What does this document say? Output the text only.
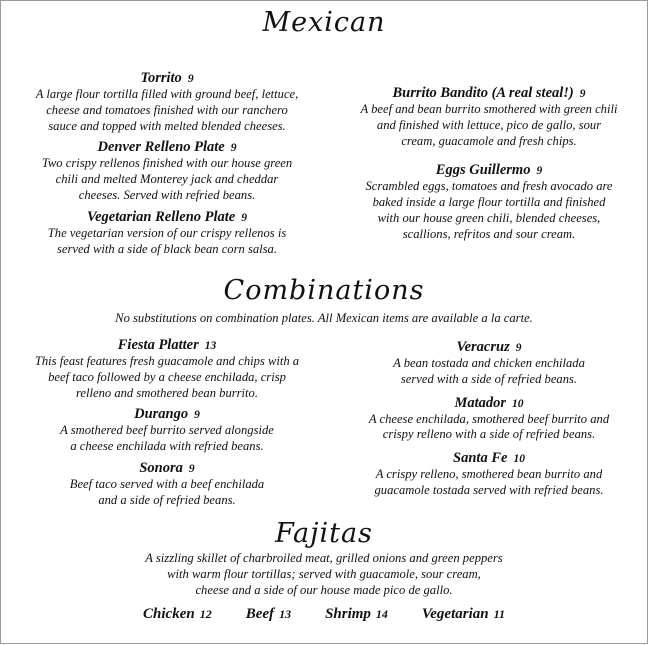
Mexican
Torrito 9
A large flour tortilla filled with ground beef, lettuce,
cheese and tomatoes finished with our ranchero
sauce and topped with melted blended cheeses.
Denver Relleno Plate 9
Two crispy rellenos finished with our house green
chili and melted Monterey jack and cheddar
cheeses. Served with refried beans.
Vegetarian Relleno Plate 9
The vegetarian version of our crispy rellenos is
served with a side of black bean corn salsa.
Burrito Bandito (A real steal!) 9
A beef and bean burrito smothered with green chili
and finished with lettuce, pico de gallo, sour
cream, guacamole and fresh chips.
Eggs Guillermo 9
Scrambled eggs, tomatoes and fresh avocado are
baked inside a large flour tortilla and finished
with our house green chili, blended cheeses,
scallions, refritos and sour cream.
Combinations
No substitutions on combination plates. All Mexican items are available a la carte.
Fiesta Platter 13
This feast features fresh guacamole and chips with a
beef taco followed by a cheese enchilada, crisp
relleno and smothered bean burrito.
Durango 9
A smothered beef burrito served alongside
a cheese enchilada with refried beans.
Sonora 9
Beef taco served with a beef enchilada
and a side of refried beans.
Veracruz 9
A bean tostada and chicken enchilada
served with a side of refried beans.
Matador 10
A cheese enchilada, smothered beef burrito and
crispy relleno with a side of refried beans.
Santa Fe 10
A crispy relleno, smothered bean burrito and
guacamole tostada served with refried beans.
Fajitas
A sizzling skillet of charbroiled meat, grilled onions and green peppers
with warm flour tortillas; served with guacamole, sour cream,
cheese and a side of our house made pico de gallo.
Chicken 12 Beef 13 Shrimp 14 Vegetarian 11
